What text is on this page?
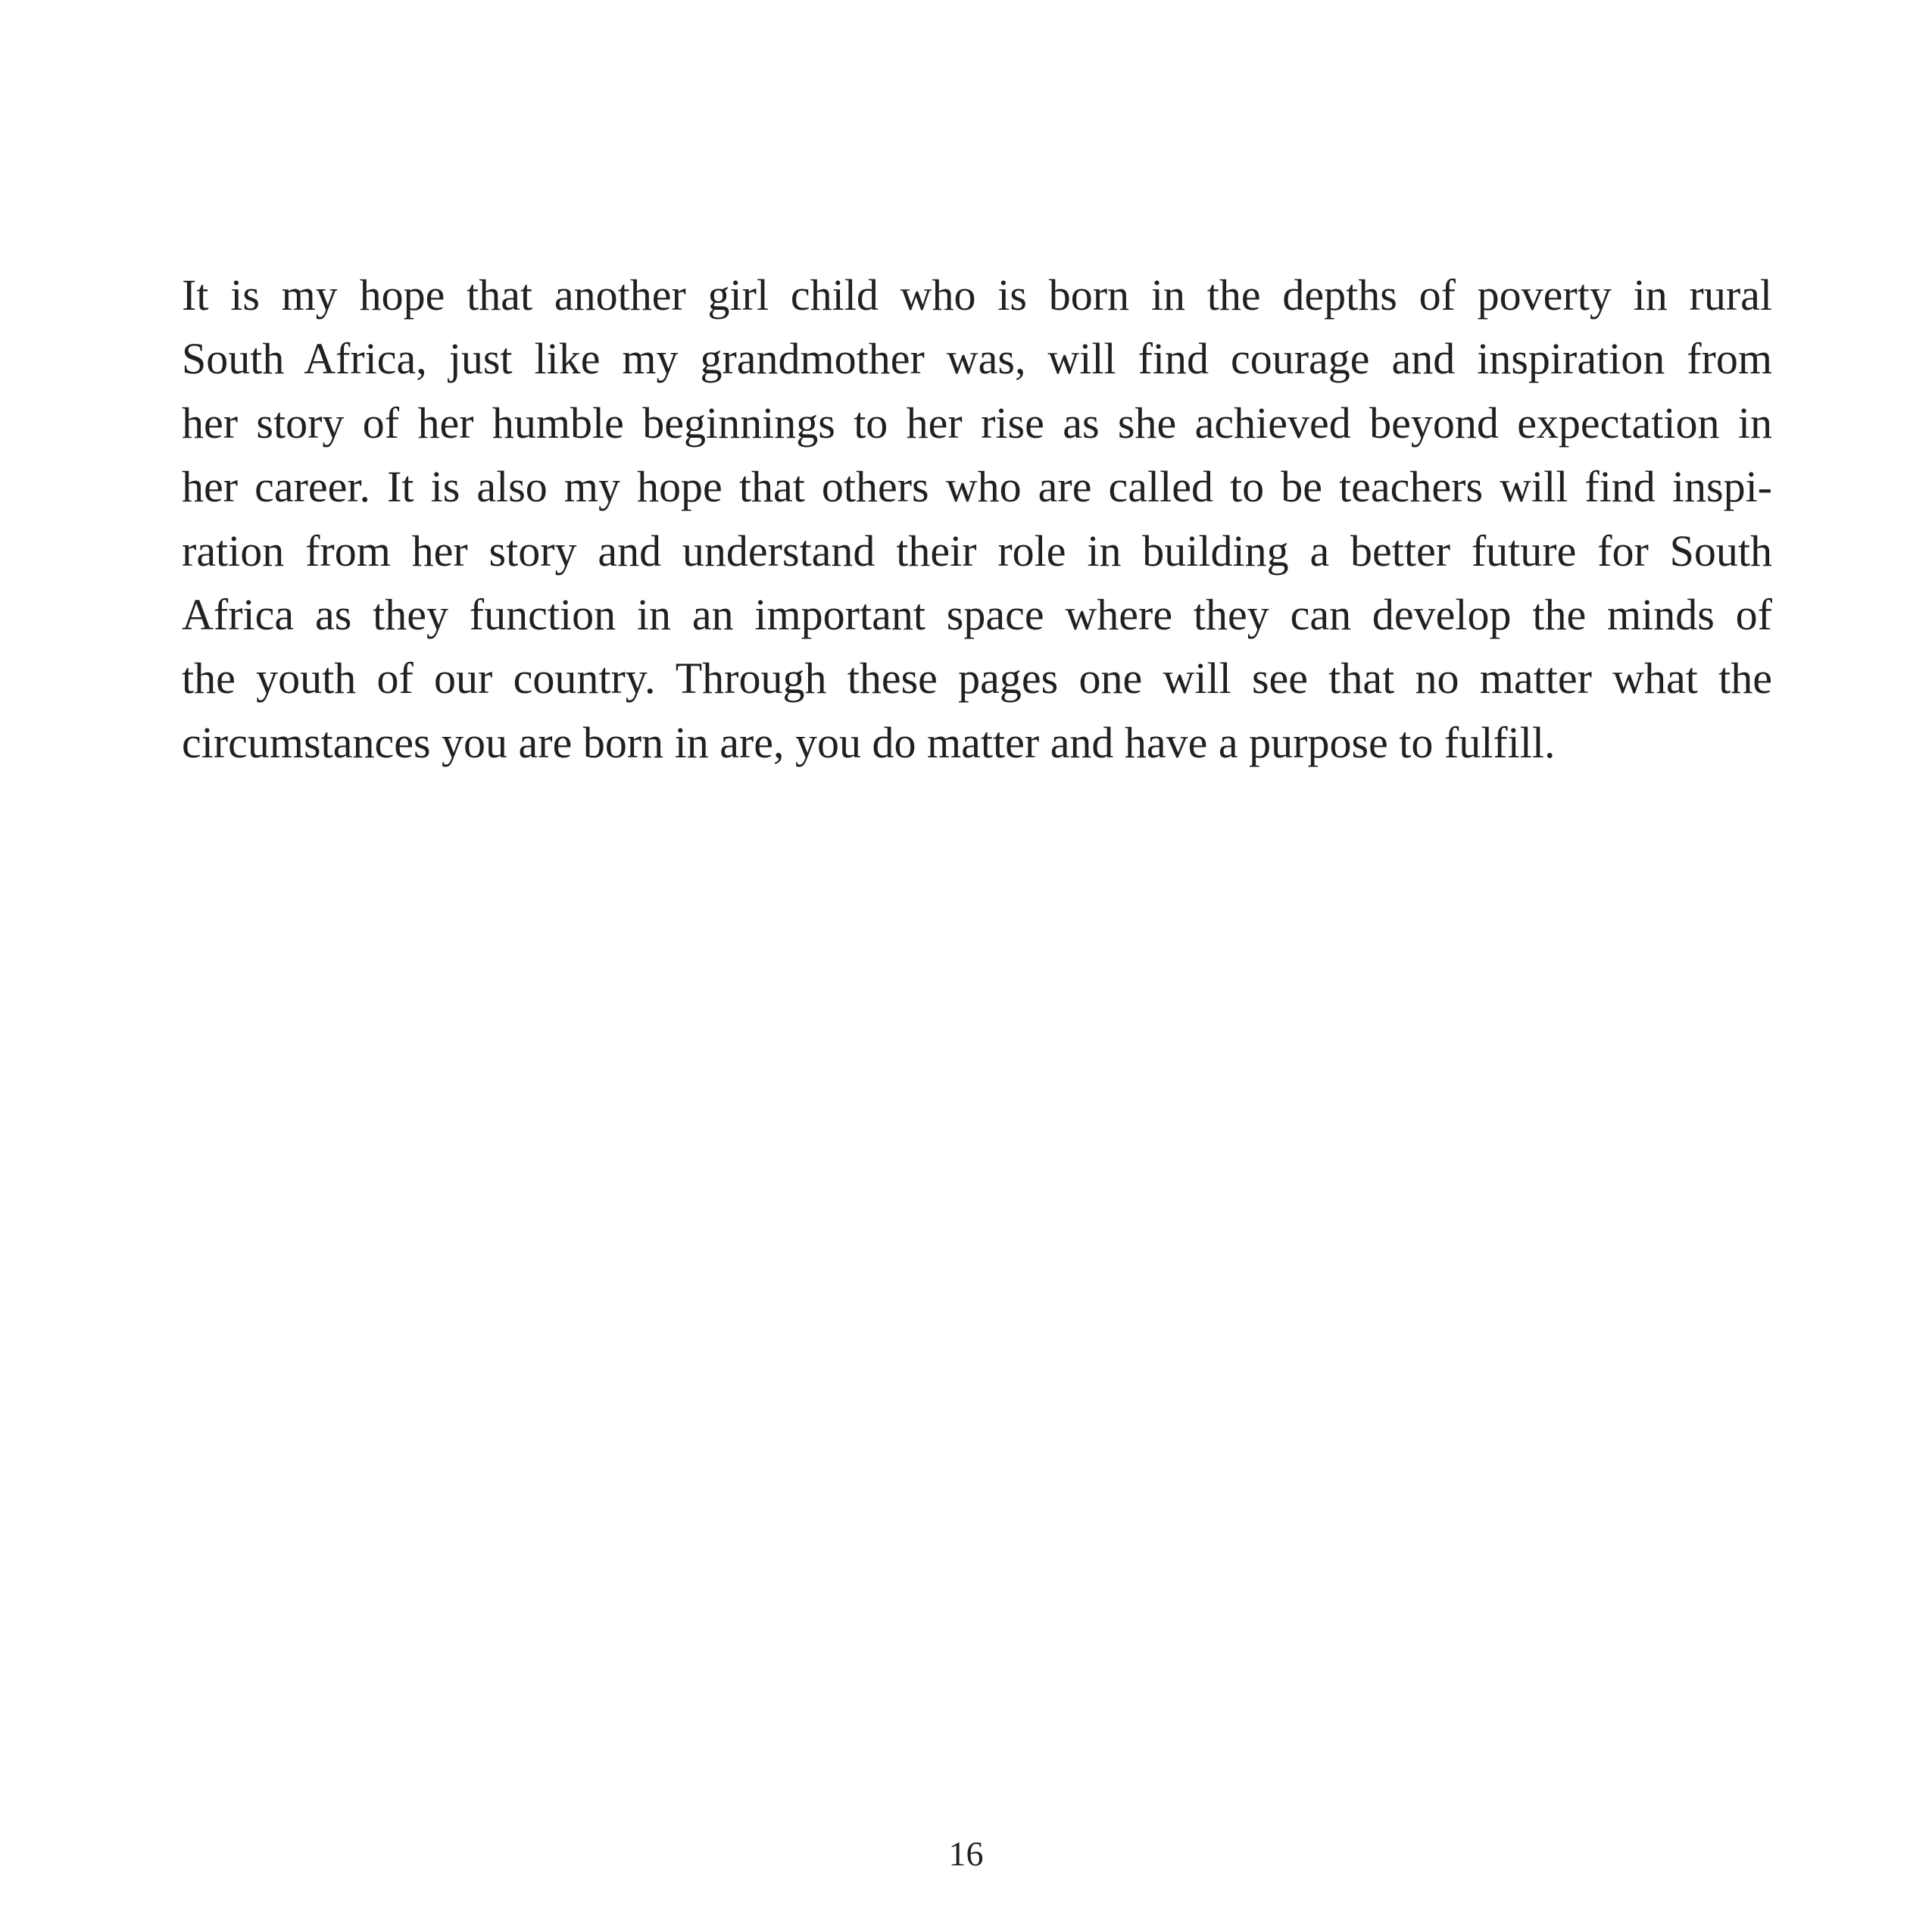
It is my hope that another girl child who is born in the depths of poverty in rural
South Africa, just like my grandmother was, will find courage and inspiration from
her story of her humble beginnings to her rise as she achieved beyond expectation in
her career. It is also my hope that others who are called to be teachers will find inspi-
ration from her story and understand their role in building a better future for South
Africa as they function in an important space where they can develop the minds of
the youth of our country. Through these pages one will see that no matter what the
circumstances you are born in are, you do matter and have a purpose to fulfill.
16
